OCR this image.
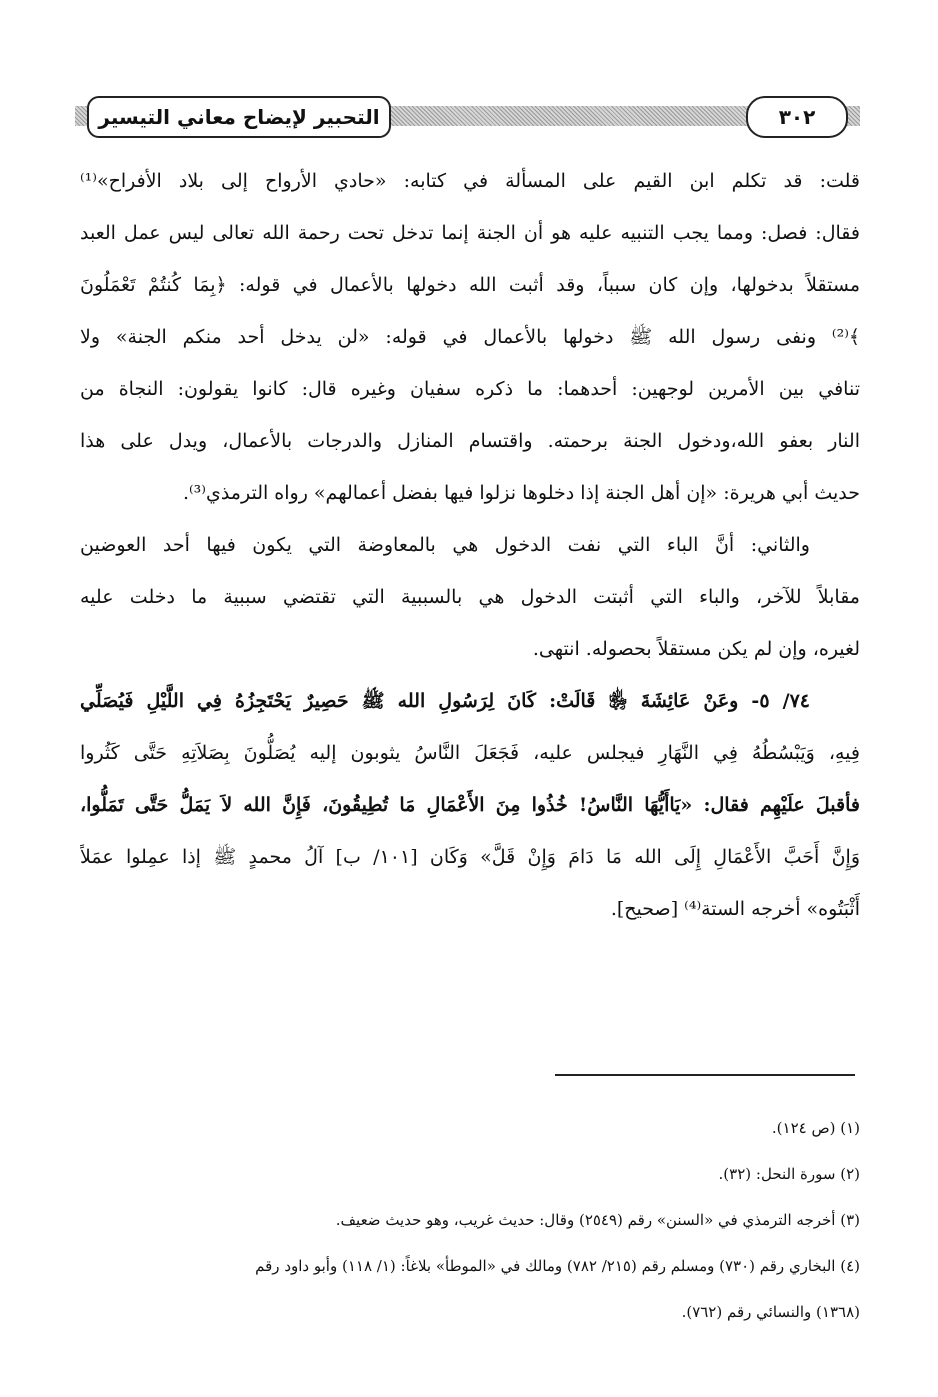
التحبير لإيضاح معاني التيسير	٣٠٢
قلت: قد تكلم ابن القيم على المسألة في كتابه: «حادي الأرواح إلى بلاد الأفراح»⁽¹⁾
فقال: فصل: ومما يجب التنبيه عليه هو أن الجنة إنما تدخل تحت رحمة الله تعالى ليس عمل العبد
مستقلاً بدخولها، وإن كان سبباً، وقد أثبت الله دخولها بالأعمال في قوله: ﴿بِمَا كُنتُمْ تَعْمَلُونَ
﴾⁽²⁾ ونفى رسول الله ﷺ دخولها بالأعمال في قوله: «لن يدخل أحد منكم الجنة» ولا
تنافي بين الأمرين لوجهين: أحدهما: ما ذكره سفيان وغيره قال: كانوا يقولون: النجاة من
النار بعفو الله،ودخول الجنة برحمته. واقتسام المنازل والدرجات بالأعمال، ويدل على هذا
حديث أبي هريرة: «إن أهل الجنة إذا دخلوها نزلوا فيها بفضل أعمالهم» رواه الترمذي⁽³⁾.
والثاني: أنَّ الباء التي نفت الدخول هي بالمعاوضة التي يكون فيها أحد العوضين
مقابلاً للآخر، والباء التي أثبتت الدخول هي بالسببية التي تقتضي سببية ما دخلت عليه
لغيره، وإن لم يكن مستقلاً بحصوله. انتهى.
٧٤/ ٥- وعَنْ عَائِشَةَ ﵂ قَالَتْ: كَانَ لِرَسُولِ الله ﷺ حَصِيرٌ يَحْتَجِزُهُ فِي اللَّيْلِ فَيُصَلِّي
فِيهِ، وَيَبْسُطُهُ فِي النَّهَارِ فيجلس عليه، فَجَعَلَ النَّاسُ يثوبون إليه يُصَلُّونَ بِصَلاَتِهِ حَتَّى كَثُروا
فأقبلَ علَيْهِم فقال: «يَاأَيُّهَا النَّاسُ! خُذُوا مِنَ الأَعْمَالِ مَا تُطِيقُونَ، فَإِنَّ الله لاَ يَمَلُّ حَتَّى تَمَلُّوا،
وَإِنَّ أَحَبَّ الأَعْمَالِ إِلَى الله مَا دَامَ وَإِنْ قَلَّ» وَكَان [١٠١/ ب] آلُ محمدٍ ﷺ إذا عمِلوا عمَلاً
أَثْبَتُوه» أخرجه الستة⁽⁴⁾ [صحيح].
(١) (ص ١٢٤).
(٢) سورة النحل: (٣٢).
(٣) أخرجه الترمذي في «السنن» رقم (٢٥٤٩) وقال: حديث غريب، وهو حديث ضعيف.
(٤) البخاري رقم (٧٣٠) ومسلم رقم (٢١٥/ ٧٨٢) ومالك في «الموطأ» بلاغاً: (١/ ١١٨) وأبو داود رقم
(١٣٦٨) والنسائي رقم (٧٦٢).
